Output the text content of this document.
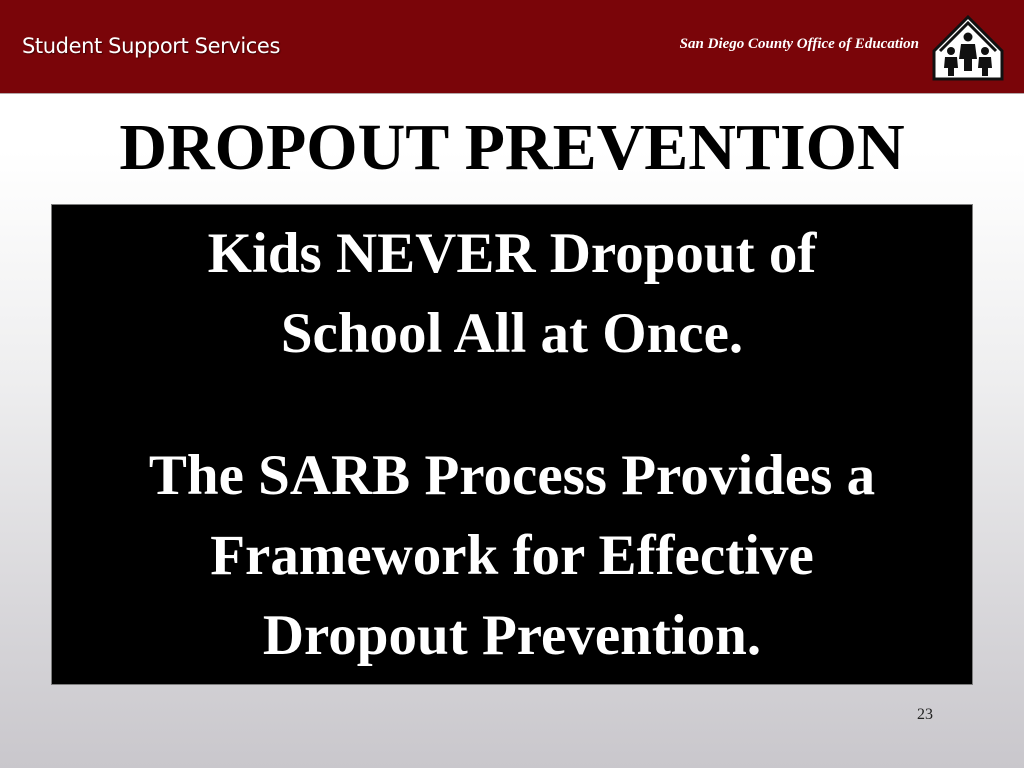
Student Support Services	San Diego County Office of Education
DROPOUT PREVENTION
Kids NEVER Dropout of
School All at Once.
The SARB Process Provides a
Framework for Effective
Dropout Prevention.
23
